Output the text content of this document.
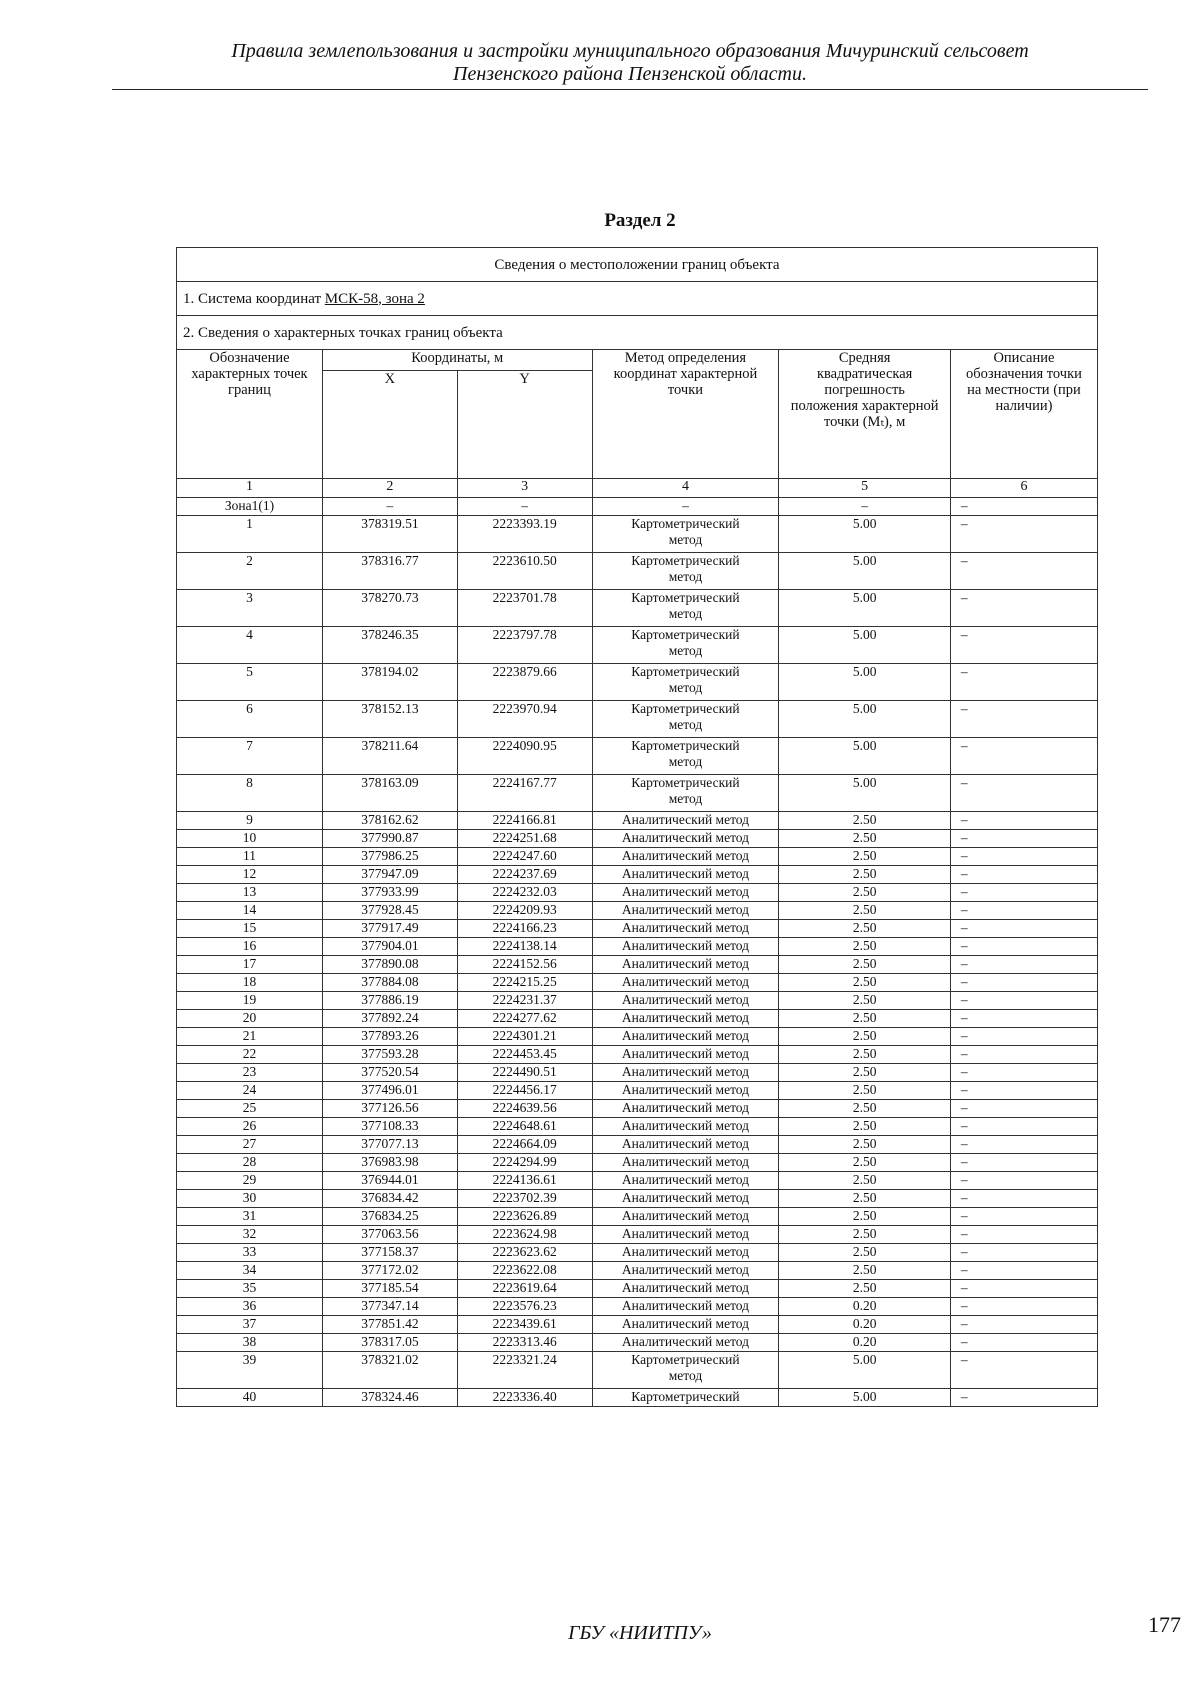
Правила землепользования и застройки муниципального образования Мичуринский сельсовет
Пензенского района Пензенской области.
Раздел 2
Сведения о местоположении границ объекта					
1. Система координат МСК-58, зона 2					
2. Сведения о характерных точках границ объекта					
Обозначение характерных точек границ	Координаты, м		Метод определения координат характерной точки	Средняя квадратическая погрешность положения характерной точки (Mₜ), м	Описание обозначения точки на местности (при наличии)
	X	Y			
1	2	3	4	5	6
Зона1(1)	–	–	–	–	–
1	378319.51	2223393.19	Картометрический метод	5.00	–
2	378316.77	2223610.50	Картометрический метод	5.00	–
3	378270.73	2223701.78	Картометрический метод	5.00	–
4	378246.35	2223797.78	Картометрический метод	5.00	–
5	378194.02	2223879.66	Картометрический метод	5.00	–
6	378152.13	2223970.94	Картометрический метод	5.00	–
7	378211.64	2224090.95	Картометрический метод	5.00	–
8	378163.09	2224167.77	Картометрический метод	5.00	–
9	378162.62	2224166.81	Аналитический метод	2.50	–
10	377990.87	2224251.68	Аналитический метод	2.50	–
11	377986.25	2224247.60	Аналитический метод	2.50	–
12	377947.09	2224237.69	Аналитический метод	2.50	–
13	377933.99	2224232.03	Аналитический метод	2.50	–
14	377928.45	2224209.93	Аналитический метод	2.50	–
15	377917.49	2224166.23	Аналитический метод	2.50	–
16	377904.01	2224138.14	Аналитический метод	2.50	–
17	377890.08	2224152.56	Аналитический метод	2.50	–
18	377884.08	2224215.25	Аналитический метод	2.50	–
19	377886.19	2224231.37	Аналитический метод	2.50	–
20	377892.24	2224277.62	Аналитический метод	2.50	–
21	377893.26	2224301.21	Аналитический метод	2.50	–
22	377593.28	2224453.45	Аналитический метод	2.50	–
23	377520.54	2224490.51	Аналитический метод	2.50	–
24	377496.01	2224456.17	Аналитический метод	2.50	–
25	377126.56	2224639.56	Аналитический метод	2.50	–
26	377108.33	2224648.61	Аналитический метод	2.50	–
27	377077.13	2224664.09	Аналитический метод	2.50	–
28	376983.98	2224294.99	Аналитический метод	2.50	–
29	376944.01	2224136.61	Аналитический метод	2.50	–
30	376834.42	2223702.39	Аналитический метод	2.50	–
31	376834.25	2223626.89	Аналитический метод	2.50	–
32	377063.56	2223624.98	Аналитический метод	2.50	–
33	377158.37	2223623.62	Аналитический метод	2.50	–
34	377172.02	2223622.08	Аналитический метод	2.50	–
35	377185.54	2223619.64	Аналитический метод	2.50	–
36	377347.14	2223576.23	Аналитический метод	0.20	–
37	377851.42	2223439.61	Аналитический метод	0.20	–
38	378317.05	2223313.46	Аналитический метод	0.20	–
39	378321.02	2223321.24	Картометрический метод	5.00	–
40	378324.46	2223336.40	Картометрический	5.00	–
ГБУ «НИИТПУ»	177
